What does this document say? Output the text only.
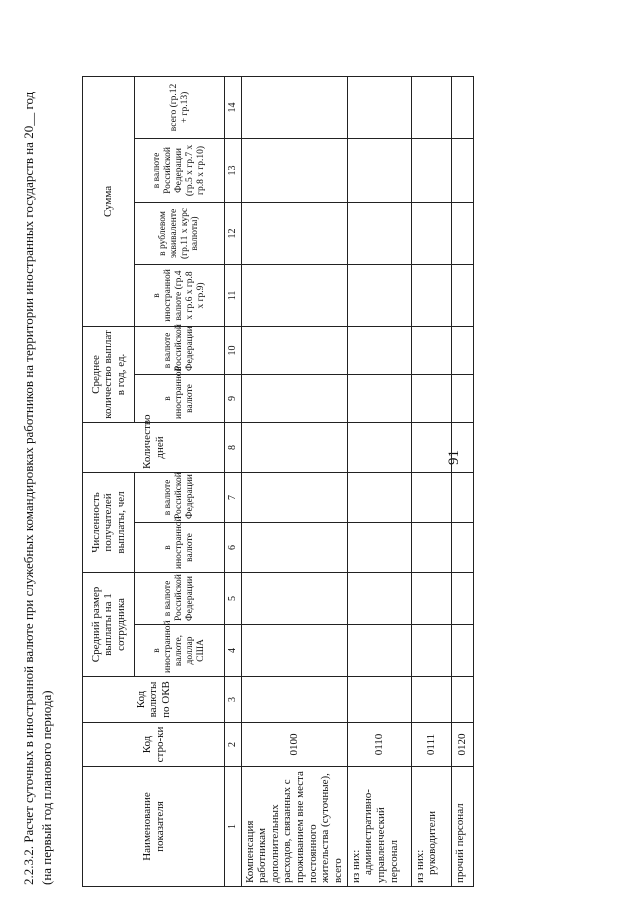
91
2.2.3.2. Расчет суточных в иностранной валюте при служебных командировках работников на территории иностранных государств на 20__ год (на первый год планового периода)	Наименование показателя	Код стро-ки	Код валюты по ОКВ	Средний размер выплаты на 1 сотрудника		Численность получателей выплаты, чел		Количество дней	Среднее количество выплат в год, ед.		Сумма			
			в иностранной валюте, доллар США	в валюте Российской Федерации	в иностранной валюте	в валюте Российской Федерации		в иностранной валюте	в валюте Российской Федерации	в иностранной валюте (гр.4 х гр.6 х гр.8 х гр.9)	в рублевом эквиваленте (гр.11 х курс валюты)	в валюте Российской Федерации (гр.5 х гр.7 х гр.8 х гр.10)	всего (гр.12 + гр.13)
1	2	3	4	5	6	7	8	9	10	11	12	13	14
Компенсация работникам дополнительных расходов, связанных с проживанием вне места постоянного жительства (суточные), всего	0100												
из них:
административно-управленческий персонал	0110												
из них:
руководители	0111												
прочий персонал	0120												
